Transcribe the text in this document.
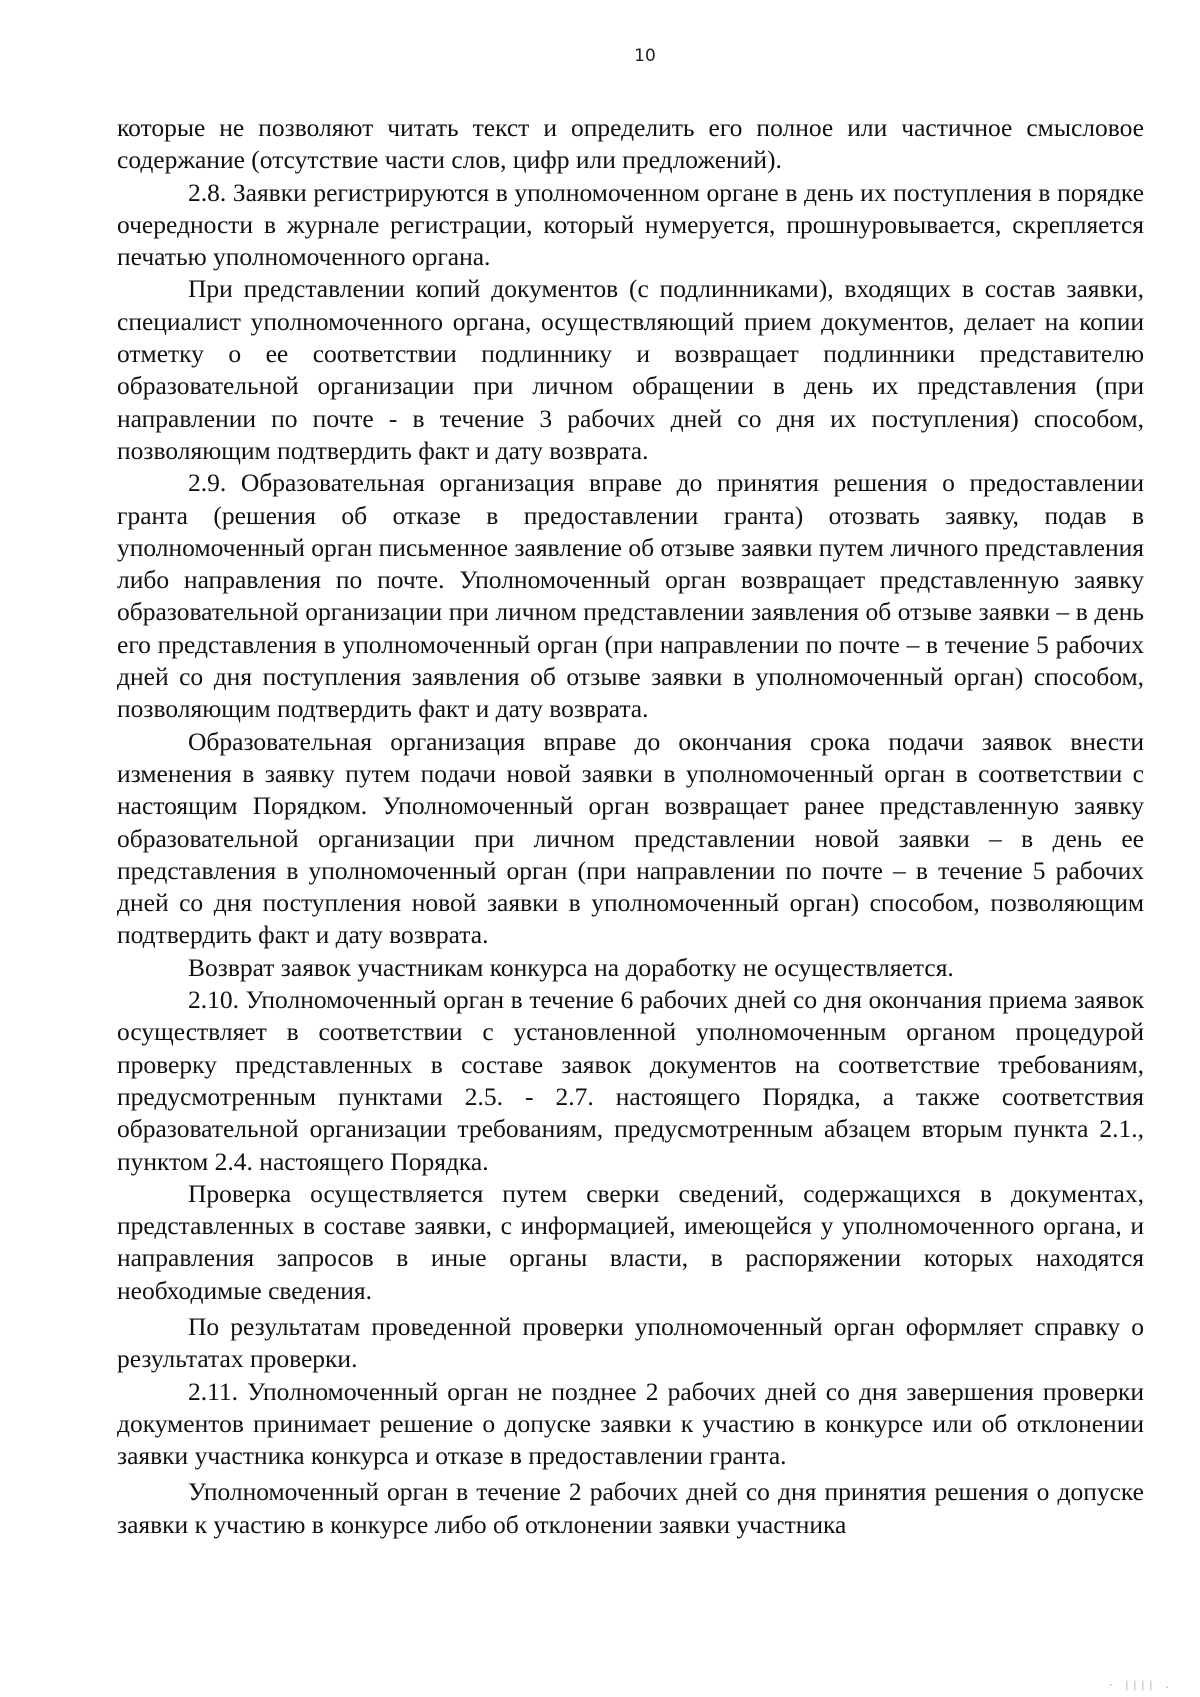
10

которые не позволяют читать текст и определить его полное или частичное смысловое содержание (отсутствие части слов, цифр или предложений).

2.8. Заявки регистрируются в уполномоченном органе в день их поступления в порядке очередности в журнале регистрации, который нумеруется, прошнуровывается, скрепляется печатью уполномоченного органа.

При представлении копий документов (с подлинниками), входящих в состав заявки, специалист уполномоченного органа, осуществляющий прием документов, делает на копии отметку о ее соответствии подлиннику и возвращает подлинники представителю образовательной организации при личном обращении в день их представления (при направлении по почте - в течение 3 рабочих дней со дня их поступления) способом, позволяющим подтвердить факт и дату возврата.

2.9. Образовательная организация вправе до принятия решения о предоставлении гранта (решения об отказе в предоставлении гранта) отозвать заявку, подав в уполномоченный орган письменное заявление об отзыве заявки путем личного представления либо направления по почте. Уполномоченный орган возвращает представленную заявку образовательной организации при личном представлении заявления об отзыве заявки – в день его представления в уполномоченный орган (при направлении по почте – в течение 5 рабочих дней со дня поступления заявления об отзыве заявки в уполномоченный орган) способом, позволяющим подтвердить факт и дату возврата.

Образовательная организация вправе до окончания срока подачи заявок внести изменения в заявку путем подачи новой заявки в уполномоченный орган в соответствии с настоящим Порядком. Уполномоченный орган возвращает ранее представленную заявку образовательной организации при личном представлении новой заявки – в день ее представления в уполномоченный орган (при направлении по почте – в течение 5 рабочих дней со дня поступления новой заявки в уполномоченный орган) способом, позволяющим подтвердить факт и дату возврата.

Возврат заявок участникам конкурса на доработку не осуществляется.

2.10. Уполномоченный орган в течение 6 рабочих дней со дня окончания приема заявок осуществляет в соответствии с установленной уполномоченным органом процедурой проверку представленных в составе заявок документов на соответствие требованиям, предусмотренным пунктами 2.5. - 2.7. настоящего Порядка, а также соответствия образовательной организации требованиям, предусмотренным абзацем вторым пункта 2.1., пунктом 2.4. настоящего Порядка.

Проверка осуществляется путем сверки сведений, содержащихся в документах, представленных в составе заявки, с информацией, имеющейся у уполномоченного органа, и направления запросов в иные органы власти, в распоряжении которых находятся необходимые сведения.

По результатам проведенной проверки уполномоченный орган оформляет справку о результатах проверки.

2.11. Уполномоченный орган не позднее 2 рабочих дней со дня завершения проверки документов принимает решение о допуске заявки к участию в конкурсе или об отклонении заявки участника конкурса и отказе в предоставлении гранта.

Уполномоченный орган в течение 2 рабочих дней со дня принятия решения о допуске заявки к участию в конкурсе либо об отклонении заявки участника

· |||| .
